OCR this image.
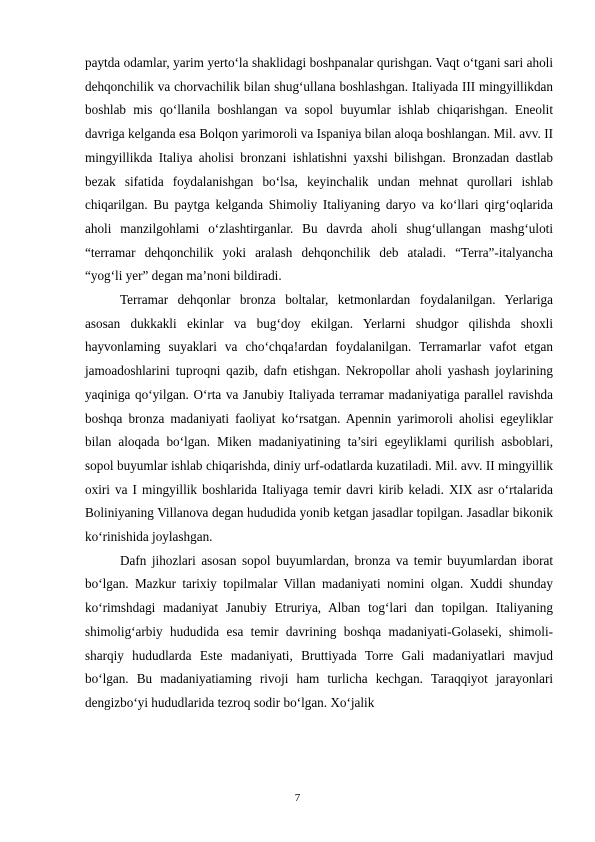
paytda odamlar, yarim yerto‘la shaklidagi boshpanalar qurishgan. Vaqt o‘tgani sari aholi dehqonchilik va chorvachilik bilan shug‘ullana boshlashgan. Italiyada III mingyillikdan boshlab mis qo‘llanila boshlangan va sopol buyumlar ishlab chiqarishgan. Eneolit davriga kelganda esa Bolqon yarimoroli va Ispaniya bilan aloqa boshlangan. Mil. avv. II mingyillikda Italiya aholisi bronzani ishlatishni yaxshi bilishgan. Bronzadan dastlab bezak sifatida foydalanishgan bo‘lsa, keyinchalik undan mehnat qurollari ishlab chiqarilgan. Bu paytga kelganda Shimoliy Italiyaning daryo va ko‘llari qirg‘oqlarida aholi manzilgohlami o‘zlashtirganlar. Bu davrda aholi shug‘ullangan mashg‘uloti “terramar dehqonchilik yoki aralash dehqonchilik deb ataladi. “Terra”-italyancha “yog‘li yer” degan ma’noni bildiradi.

Terramar dehqonlar bronza boltalar, ketmonlardan foydalanilgan. Yerlariga asosan dukkakli ekinlar va bug‘doy ekilgan. Yerlarni shudgor qilishda shoxli hayvonlaming suyaklari va cho‘chqa!ardan foydalanilgan. Terramarlar vafot etgan jamoadoshlarini tuproqni qazib, dafn etishgan. Nekropollar aholi yashash joylarining yaqiniga qo‘yilgan. O‘rta va Janubiy Italiyada terramar madaniyatiga parallel ravishda boshqa bronza madaniyati faoliyat ko‘rsatgan. Apennin yarimoroli aholisi egeyliklar bilan aloqada bo‘lgan. Miken madaniyatining ta’siri egeyliklami qurilish asboblari, sopol buyumlar ishlab chiqarishda, diniy urf-odatlarda kuzatiladi. Mil. avv. II mingyillik oxiri va I mingyillik boshlarida Italiyaga temir davri kirib keladi. XIX asr o‘rtalarida Boliniyaning Villanova degan hududida yonib ketgan jasadlar topilgan. Jasadlar bikonik ko‘rinishida joylashgan.

Dafn jihozlari asosan sopol buyumlardan, bronza va temir buyumlardan iborat bo‘lgan. Mazkur tarixiy topilmalar Villan madaniyati nomini olgan. Xuddi shunday ko‘rimshdagi madaniyat Janubiy Etruriya, Alban tog‘lari dan topilgan. Italiyaning shimolig‘arbiy hududida esa temir davrining boshqa madaniyati-Golaseki, shimoli-sharqiy hududlarda Este madaniyati, Bruttiyada Torre Gali madaniyatlari mavjud bo‘lgan. Bu madaniyatiaming rivoji ham turlicha kechgan. Taraqqiyot jarayonlari dengizbo‘yi hududlarida tezroq sodir bo‘lgan. Xo‘jalik

7
